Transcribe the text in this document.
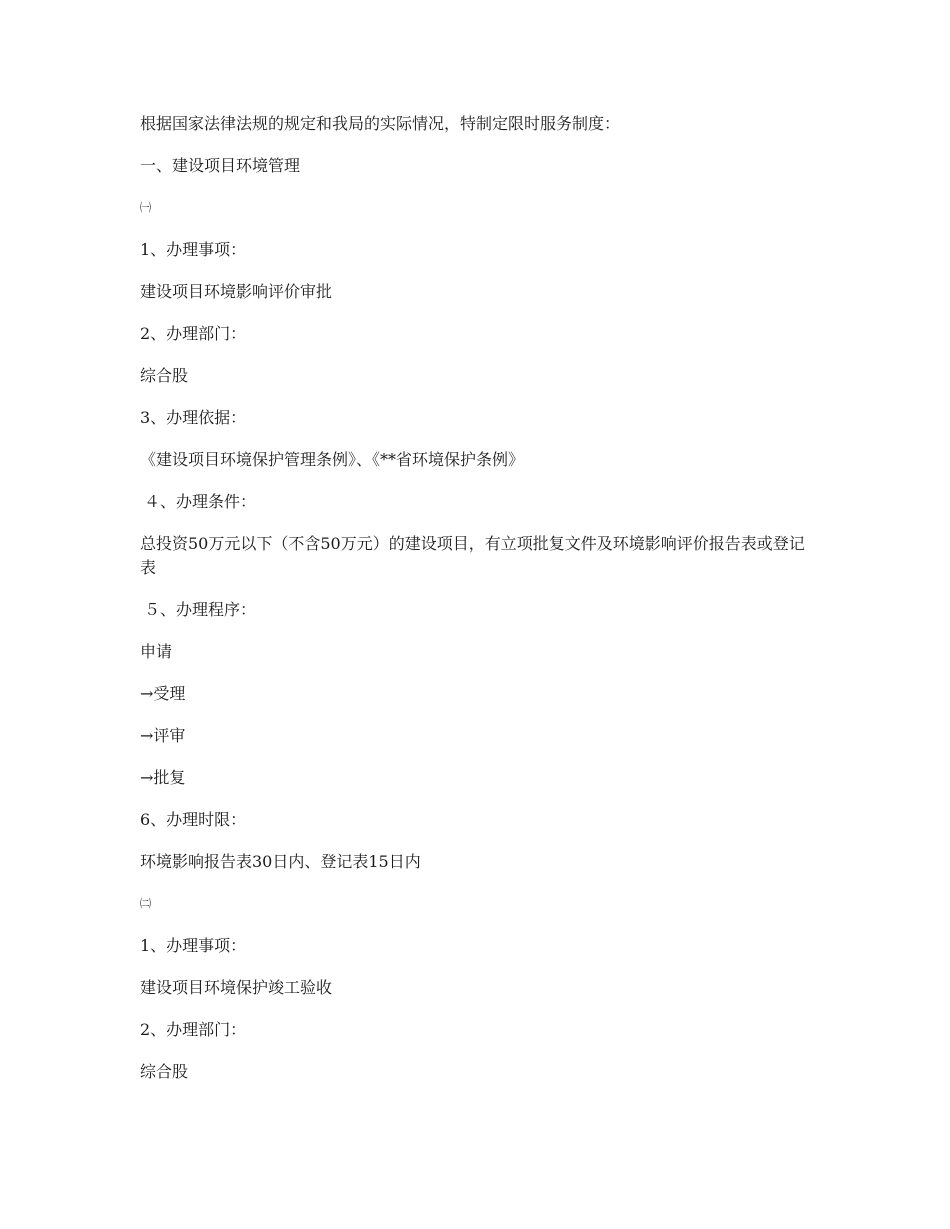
根据国家法律法规的规定和我局的实际情况，特制定限时服务制度：

一、建设项目环境管理

㈠

1、办理事项：

建设项目环境影响评价审批

2、办理部门：

综合股

3、办理依据：

《建设项目环境保护管理条例》、《**省环境保护条例》

４、办理条件：

总投资50万元以下（不含50万元）的建设项目，有立项批复文件及环境影响评价报告表或登记表

５、办理程序：

申请

→受理

→评审

→批复

6、办理时限：

环境影响报告表30日内、登记表15日内

㈡

1、办理事项：

建设项目环境保护竣工验收

2、办理部门：

综合股
